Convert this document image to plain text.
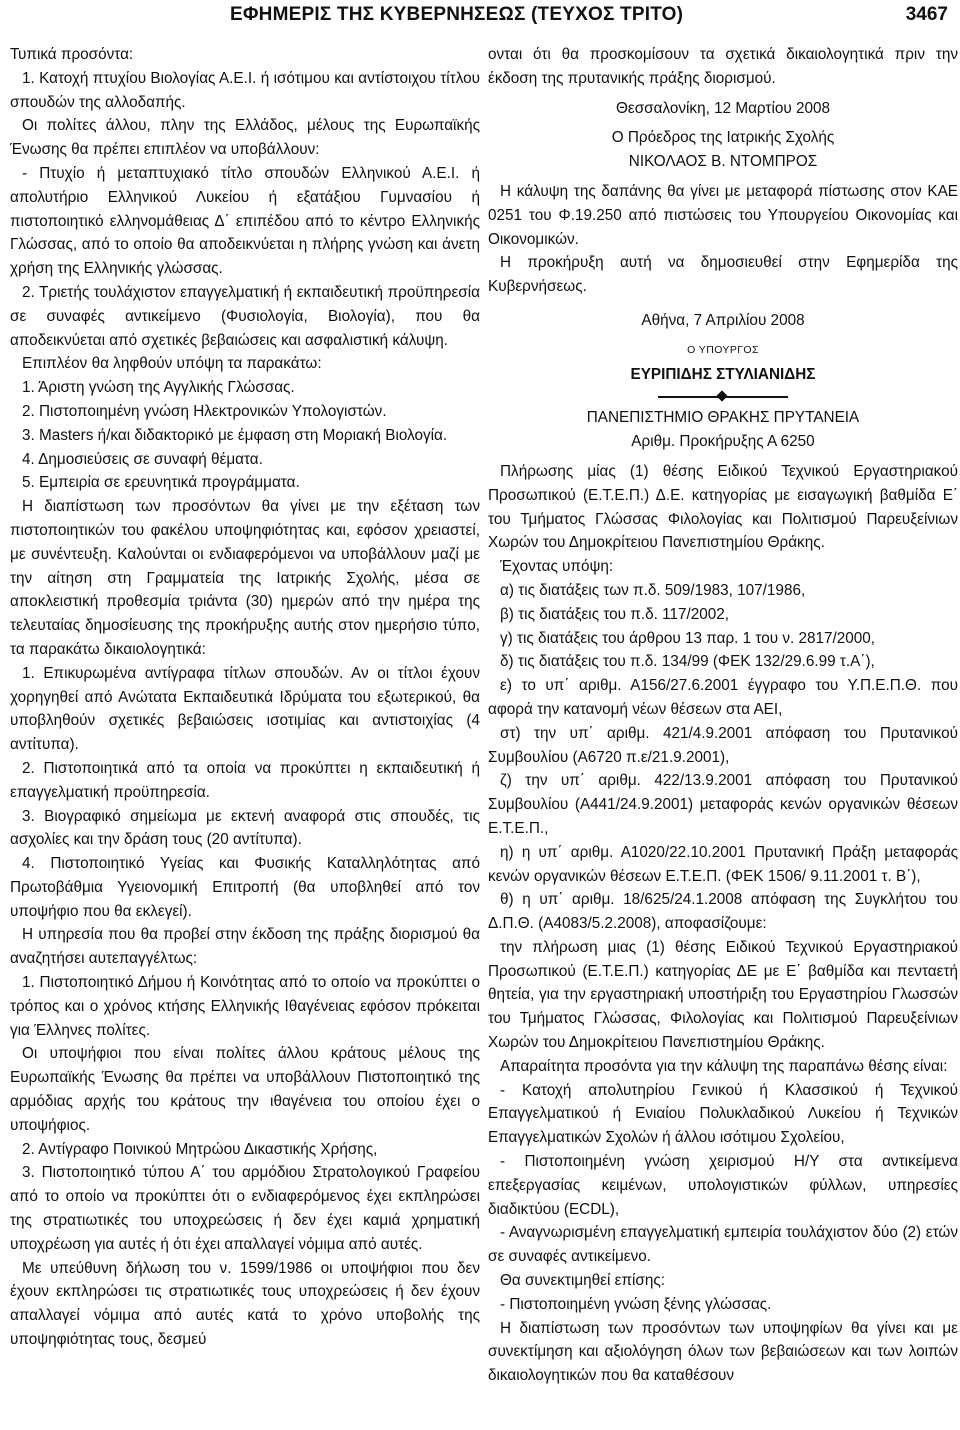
ΕΦΗΜΕΡΙΣ ΤΗΣ ΚΥΒΕΡΝΗΣΕΩΣ (ΤΕΥΧΟΣ ΤΡΙΤΟ)	3467

Τυπικά προσόντα:

1. Κατοχή πτυχίου Βιολογίας Α.Ε.Ι. ή ισότιμου και αντίστοιχου τίτλου σπουδών της αλλοδαπής.

Οι πολίτες άλλου, πλην της Ελλάδος, μέλους της Ευρωπαϊκής Ένωσης θα πρέπει επιπλέον να υποβάλλουν:

- Πτυχίο ή μεταπτυχιακό τίτλο σπουδών Ελληνικού Α.Ε.Ι. ή απολυτήριο Ελληνικού Λυκείου ή εξατάξιου Γυμνασίου ή πιστοποιητικό ελληνομάθειας Δ΄ επιπέδου από το κέντρο Ελληνικής Γλώσσας, από το οποίο θα αποδεικνύεται η πλήρης γνώση και άνετη χρήση της Ελληνικής γλώσσας.

2. Τριετής τουλάχιστον επαγγελματική ή εκπαιδευτική προϋπηρεσία σε συναφές αντικείμενο (Φυσιολογία, Βιολογία), που θα αποδεικνύεται από σχετικές βεβαιώσεις και ασφαλιστική κάλυψη.

Επιπλέον θα ληφθούν υπόψη τα παρακάτω:

1. Άριστη γνώση της Αγγλικής Γλώσσας.

2. Πιστοποιημένη γνώση Ηλεκτρονικών Υπολογιστών.

3. Masters ή/και διδακτορικό με έμφαση στη Μοριακή Βιολογία.

4. Δημοσιεύσεις σε συναφή θέματα.

5. Εμπειρία σε ερευνητικά προγράμματα.

Η διαπίστωση των προσόντων θα γίνει με την εξέταση των πιστοποιητικών του φακέλου υποψηφιότητας και, εφόσον χρειαστεί, με συνέντευξη. Καλούνται οι ενδιαφερόμενοι να υποβάλλουν μαζί με την αίτηση στη Γραμματεία της Ιατρικής Σχολής, μέσα σε αποκλειστική προθεσμία τριάντα (30) ημερών από την ημέρα της τελευταίας δημοσίευσης της προκήρυξης αυτής στον ημερήσιο τύπο, τα παρακάτω δικαιολογητικά:

1. Επικυρωμένα αντίγραφα τίτλων σπουδών. Αν οι τίτλοι έχουν χορηγηθεί από Ανώτατα Εκπαιδευτικά Ιδρύματα του εξωτερικού, θα υποβληθούν σχετικές βεβαιώσεις ισοτιμίας και αντιστοιχίας (4 αντίτυπα).

2. Πιστοποιητικά από τα οποία να προκύπτει η εκπαιδευτική ή επαγγελματική προϋπηρεσία.

3. Βιογραφικό σημείωμα με εκτενή αναφορά στις σπουδές, τις ασχολίες και την δράση τους (20 αντίτυπα).

4. Πιστοποιητικό Υγείας και Φυσικής Καταλληλότητας από Πρωτοβάθμια Υγειονομική Επιτροπή (θα υποβληθεί από τον υποψήφιο που θα εκλεγεί).

Η υπηρεσία που θα προβεί στην έκδοση της πράξης διορισμού θα αναζητήσει αυτεπαγγέλτως:

1. Πιστοποιητικό Δήμου ή Κοινότητας από το οποίο να προκύπτει ο τρόπος και ο χρόνος κτήσης Ελληνικής Ιθαγένειας εφόσον πρόκειται για Έλληνες πολίτες.

Οι υποψήφιοι που είναι πολίτες άλλου κράτους μέλους της Ευρωπαϊκής Ένωσης θα πρέπει να υποβάλλουν Πιστοποιητικό της αρμόδιας αρχής του κράτους την ιθαγένεια του οποίου έχει ο υποψήφιος.

2. Αντίγραφο Ποινικού Μητρώου Δικαστικής Χρήσης,

3. Πιστοποιητικό τύπου Α΄ του αρμόδιου Στρατολογικού Γραφείου από το οποίο να προκύπτει ότι ο ενδιαφερόμενος έχει εκπληρώσει της στρατιωτικές του υποχρεώσεις ή δεν έχει καμιά χρηματική υποχρέωση για αυτές ή ότι έχει απαλλαγεί νόμιμα από αυτές.

Με υπεύθυνη δήλωση του ν. 1599/1986 οι υποψήφιοι που δεν έχουν εκπληρώσει τις στρατιωτικές τους υποχρεώσεις ή δεν έχουν απαλλαγεί νόμιμα από αυτές κατά το χρόνο υποβολής της υποψηφιότητας τους, δεσμεύ

ονται ότι θα προσκομίσουν τα σχετικά δικαιολογητικά πριν την έκδοση της πρυτανικής πράξης διορισμού.

Θεσσαλονίκη, 12 Μαρτίου 2008

Ο Πρόεδρος της Ιατρικής Σχολής

ΝΙΚΟΛΑΟΣ Β. ΝΤΟΜΠΡΟΣ

Η κάλυψη της δαπάνης θα γίνει με μεταφορά πίστωσης στον ΚΑΕ 0251 του Φ.19.250 από πιστώσεις του Υπουργείου Οικονομίας και Οικονομικών.

Η προκήρυξη αυτή να δημοσιευθεί στην Εφημερίδα της Κυβερνήσεως.

Αθήνα, 7 Απριλίου 2008

Ο ΥΠΟΥΡΓΟΣ

ΕΥΡΙΠΙΔΗΣ ΣΤΥΛΙΑΝΙΔΗΣ

ΠΑΝΕΠΙΣΤΗΜΙΟ ΘΡΑΚΗΣ ΠΡΥΤΑΝΕΙΑ

Αριθμ. Προκήρυξης Α 6250

Πλήρωσης μίας (1) θέσης Ειδικού Τεχνικού Εργαστηριακού Προσωπικού (Ε.Τ.Ε.Π.) Δ.Ε. κατηγορίας με εισαγωγική βαθμίδα Ε΄ του Τμήματος Γλώσσας Φιλολογίας και Πολιτισμού Παρευξείνιων Χωρών του Δημοκρίτειου Πανεπιστημίου Θράκης.

Έχοντας υπόψη:

α) τις διατάξεις των π.δ. 509/1983, 107/1986,

β) τις διατάξεις του π.δ. 117/2002,

γ) τις διατάξεις του άρθρου 13 παρ. 1 του ν. 2817/2000,

δ) τις διατάξεις του π.δ. 134/99 (ΦΕΚ 132/29.6.99 τ.Α΄),

ε) το υπ΄ αριθμ. Α156/27.6.2001 έγγραφο του Υ.Π.Ε.Π.Θ. που αφορά την κατανομή νέων θέσεων στα ΑΕΙ,

στ) την υπ΄ αριθμ. 421/4.9.2001 απόφαση του Πρυτανικού Συμβουλίου (Α6720 π.ε/21.9.2001),

ζ) την υπ΄ αριθμ. 422/13.9.2001 απόφαση του Πρυτανικού Συμβουλίου (Α441/24.9.2001) μεταφοράς κενών οργανικών θέσεων Ε.Τ.Ε.Π.,

η) η υπ΄ αριθμ. Α1020/22.10.2001 Πρυτανική Πράξη μεταφοράς κενών οργανικών θέσεων Ε.Τ.Ε.Π. (ΦΕΚ 1506/ 9.11.2001 τ. Β΄),

θ) η υπ΄ αριθμ. 18/625/24.1.2008 απόφαση της Συγκλήτου του Δ.Π.Θ. (Α4083/5.2.2008), αποφασίζουμε:

την πλήρωση μιας (1) θέσης Ειδικού Τεχνικού Εργαστηριακού Προσωπικού (Ε.Τ.Ε.Π.) κατηγορίας ΔΕ με Ε΄ βαθμίδα και πενταετή θητεία, για την εργαστηριακή υποστήριξη του Εργαστηρίου Γλωσσών του Τμήματος Γλώσσας, Φιλολογίας και Πολιτισμού Παρευξείνιων Χωρών του Δημοκρίτειου Πανεπιστημίου Θράκης.

Απαραίτητα προσόντα για την κάλυψη της παραπάνω θέσης είναι:

- Κατοχή απολυτηρίου Γενικού ή Κλασσικού ή Τεχνικού Επαγγελματικού ή Ενιαίου Πολυκλαδικού Λυκείου ή Τεχνικών Επαγγελματικών Σχολών ή άλλου ισότιμου Σχολείου,

- Πιστοποιημένη γνώση χειρισμού Η/Υ στα αντικείμενα επεξεργασίας κειμένων, υπολογιστικών φύλλων, υπηρεσίες διαδικτύου (ECDL),

- Αναγνωρισμένη επαγγελματική εμπειρία τουλάχιστον δύο (2) ετών σε συναφές αντικείμενο.

Θα συνεκτιμηθεί επίσης:

- Πιστοποιημένη γνώση ξένης γλώσσας.

Η διαπίστωση των προσόντων των υποψηφίων θα γίνει και με συνεκτίμηση και αξιολόγηση όλων των βεβαιώσεων και των λοιπών δικαιολογητικών που θα καταθέσουν
